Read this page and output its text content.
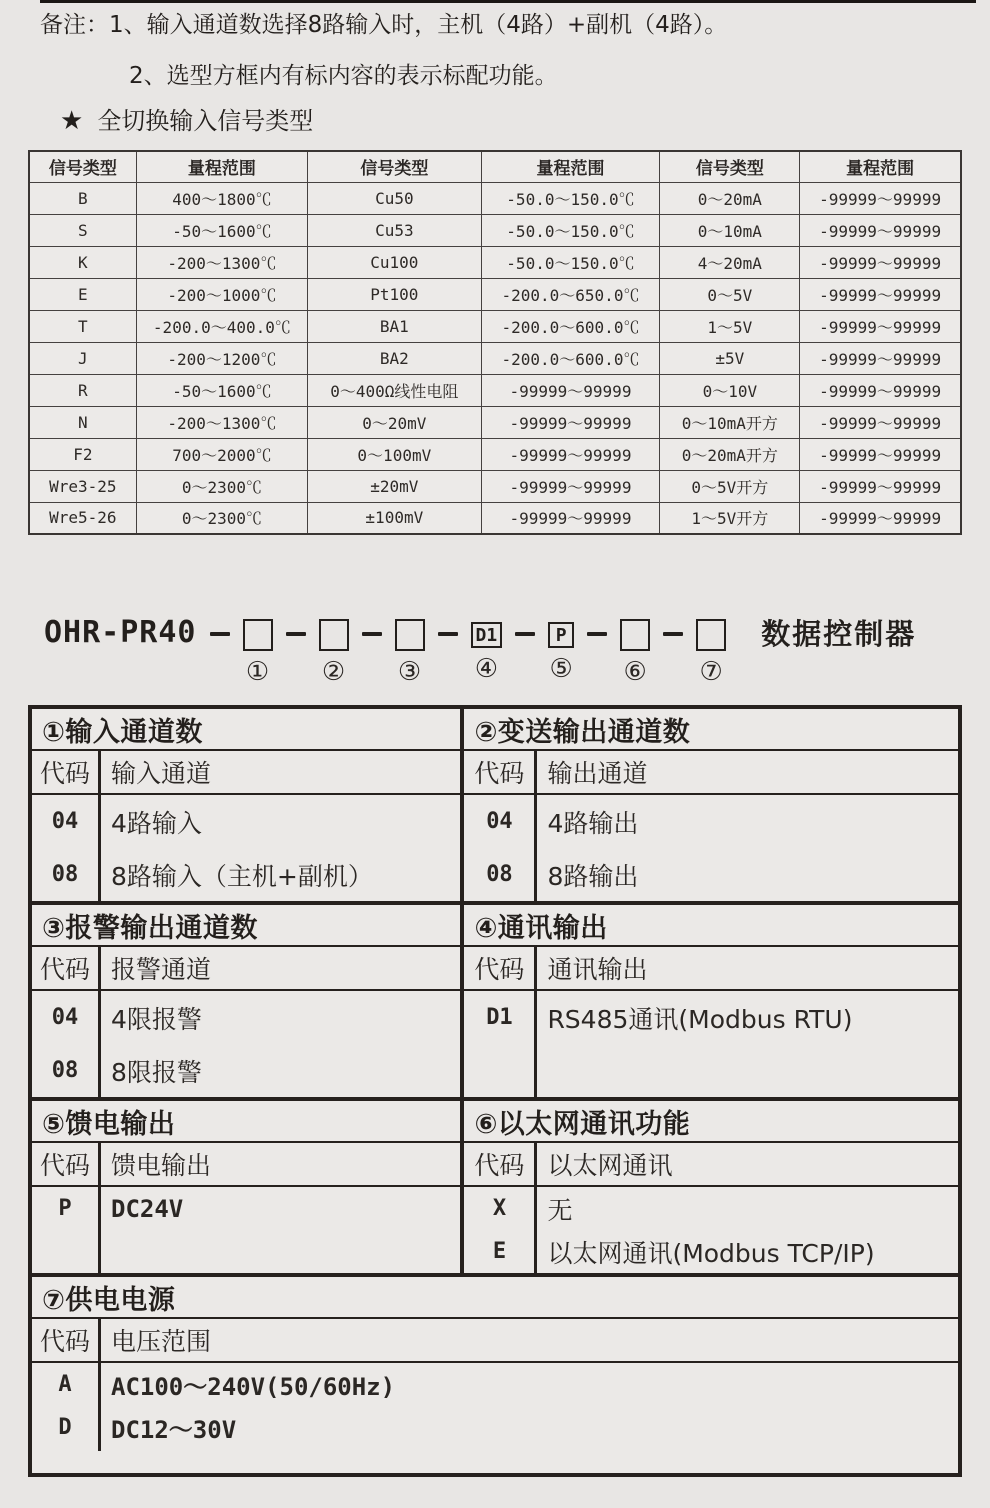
备注：1、输入通道数选择8路输入时，主机（4路）+副机（4路）。
2、选型方框内有标内容的表示标配功能。
★ 全切换输入信号类型
信号类型	量程范围	信号类型	量程范围	信号类型	量程范围
B	400～1800℃	Cu50	-50.0～150.0℃	0～20mA	-99999～99999
S	-50～1600℃	Cu53	-50.0～150.0℃	0～10mA	-99999～99999
K	-200～1300℃	Cu100	-50.0～150.0℃	4～20mA	-99999～99999
E	-200～1000℃	Pt100	-200.0～650.0℃	0～5V	-99999～99999
T	-200.0～400.0℃	BA1	-200.0～600.0℃	1～5V	-99999～99999
J	-200～1200℃	BA2	-200.0～600.0℃	±5V	-99999～99999
R	-50～1600℃	0～400Ω线性电阻	-99999～99999	0～10V	-99999～99999
N	-200～1300℃	0～20mV	-99999～99999	0～10mA开方	-99999～99999
F2	700～2000℃	0～100mV	-99999～99999	0～20mA开方	-99999～99999
Wre3-25	0～2300℃	±20mV	-99999～99999	0～5V开方	-99999～99999
Wre5-26	0～2300℃	±100mV	-99999～99999	1～5V开方	-99999～99999
OHR-PR40
① ② ③
D1
④
P
⑤ ⑥ ⑦
数据控制器
①输入通道数
代码 输入通道
04	4路输入
08	8路输入（主机+副机）
②变送输出通道数
代码 输出通道
04	4路输出
08	8路输出
③报警输出通道数
代码 报警通道
04	4限报警
08	8限报警
④通讯输出
代码 通讯输出
D1	RS485通讯(Modbus RTU)
⑤馈电输出
代码 馈电输出
P	DC24V
⑥以太网通讯功能
代码 以太网通讯
X	无
E	以太网通讯(Modbus TCP/IP)
⑦供电电源
代码 电压范围
A	AC100～240V(50/60Hz)
D	DC12～30V
